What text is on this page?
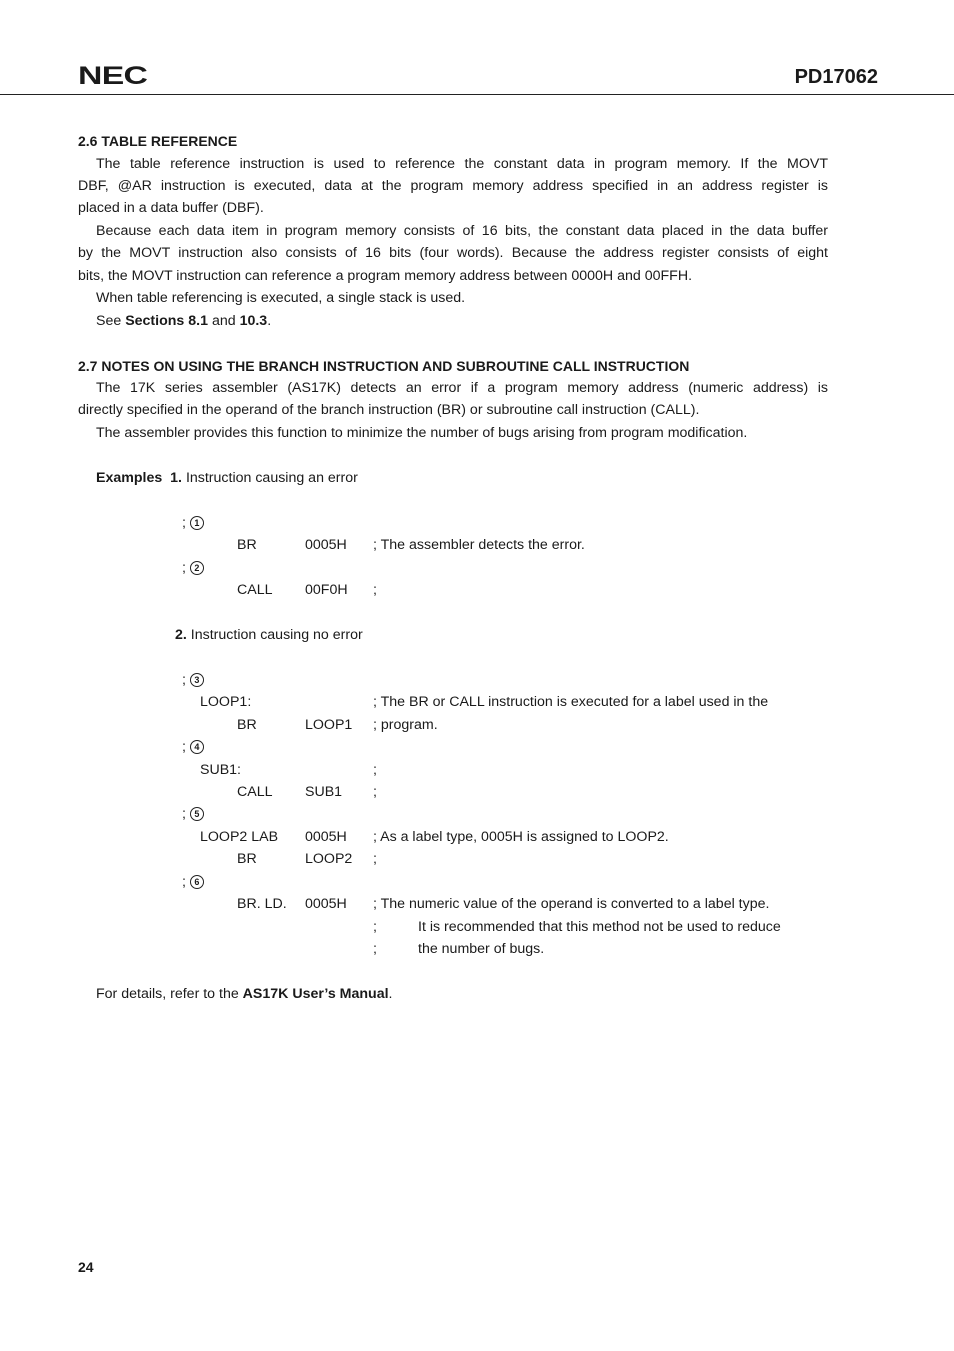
NEC	PD17062
2.6 TABLE REFERENCE
The table reference instruction is used to reference the constant data in program memory. If the MOVT
DBF, @AR instruction is executed, data at the program memory address specified in an address register is
placed in a data buffer (DBF).
Because each data item in program memory consists of 16 bits, the constant data placed in the data buffer
by the MOVT instruction also consists of 16 bits (four words). Because the address register consists of eight
bits, the MOVT instruction can reference a program memory address between 0000H and 00FFH.
When table referencing is executed, a single stack is used.
See Sections 8.1 and 10.3.
2.7 NOTES ON USING THE BRANCH INSTRUCTION AND SUBROUTINE CALL INSTRUCTION
The 17K series assembler (AS17K) detects an error if a program memory address (numeric address) is
directly specified in the operand of the branch instruction (BR) or subroutine call instruction (CALL).
The assembler provides this function to minimize the number of bugs arising from program modification.
Examples 1. Instruction causing an error
; 1
BR	0005H ; The assembler detects the error.
; 2
CALL 00F0H ;
2. Instruction causing no error
; 3
LOOP1:	; The BR or CALL instruction is executed for a label used in the
BR	LOOP1 ; program.
; 4
SUB1:	;
CALL SUB1 ;
; 5
LOOP2 LAB 0005H ; As a label type, 0005H is assigned to LOOP2.
BR	LOOP2 ;
; 6
BR. LD. 0005H ; The numeric value of the operand is converted to a label type.
;	It is recommended that this method not be used to reduce
;	the number of bugs.
For details, refer to the AS17K User’s Manual.
24
